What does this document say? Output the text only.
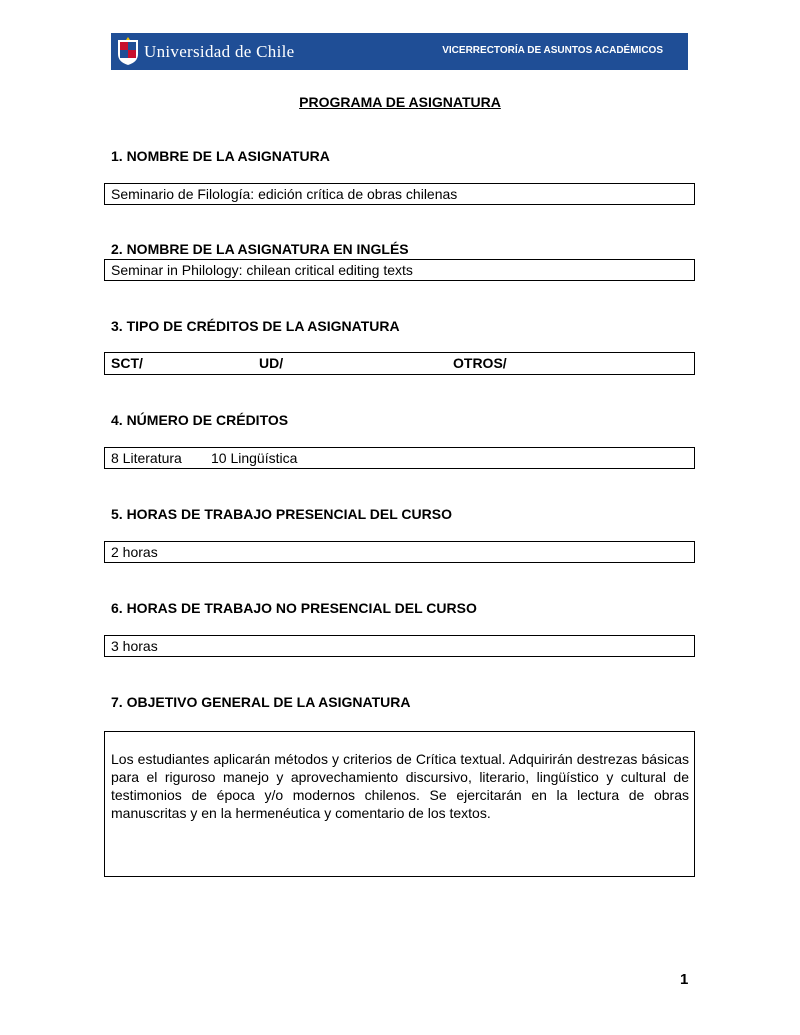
Universidad de Chile	VICERRECTORÍA DE ASUNTOS ACADÉMICOS
PROGRAMA DE ASIGNATURA
1. NOMBRE DE LA ASIGNATURA
Seminario de Filología: edición crítica de obras chilenas
2. NOMBRE DE LA ASIGNATURA EN INGLÉS
Seminar in Philology: chilean critical editing texts
3. TIPO DE CRÉDITOS DE LA ASIGNATURA
SCT/	UD/	OTROS/
4. NÚMERO DE CRÉDITOS
8 Literatura 10 Lingüística
5. HORAS DE TRABAJO PRESENCIAL DEL CURSO
2 horas
6. HORAS DE TRABAJO NO PRESENCIAL DEL CURSO
3 horas
7. OBJETIVO GENERAL DE LA ASIGNATURA
Los estudiantes aplicarán métodos y criterios de Crítica textual. Adquirirán destrezas básicas para el riguroso manejo y aprovechamiento discursivo, literario, lingüístico y cultural de testimonios de época y/o modernos chilenos. Se ejercitarán en la lectura de obras manuscritas y en la hermenéutica y comentario de los textos.
1
